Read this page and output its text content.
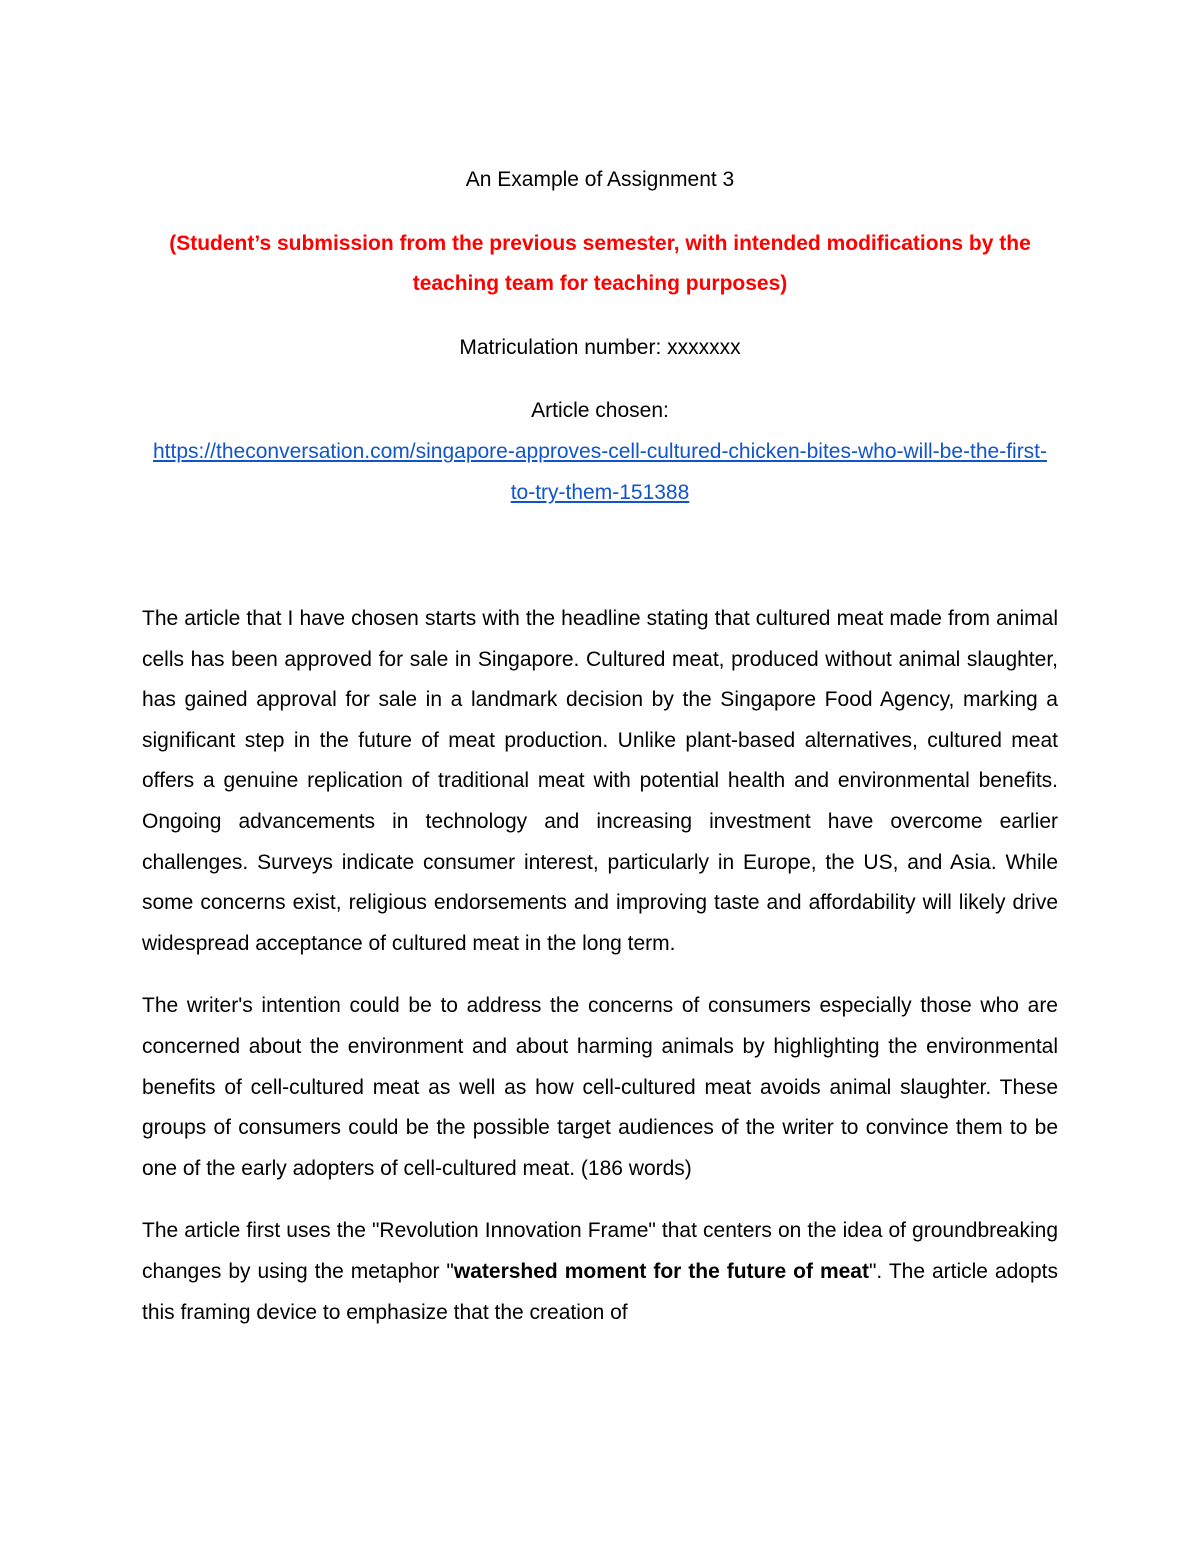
An Example of Assignment 3
(Student’s submission from the previous semester, with intended modifications by the teaching team for teaching purposes)
Matriculation number: xxxxxxx
Article chosen:
https://theconversation.com/singapore-approves-cell-cultured-chicken-bites-who-will-be-the-first-to-try-them-151388

The article that I have chosen starts with the headline stating that cultured meat made from animal cells has been approved for sale in Singapore. Cultured meat, produced without animal slaughter, has gained approval for sale in a landmark decision by the Singapore Food Agency, marking a significant step in the future of meat production. Unlike plant-based alternatives, cultured meat offers a genuine replication of traditional meat with potential health and environmental benefits. Ongoing advancements in technology and increasing investment have overcome earlier challenges. Surveys indicate consumer interest, particularly in Europe, the US, and Asia. While some concerns exist, religious endorsements and improving taste and affordability will likely drive widespread acceptance of cultured meat in the long term.

The writer's intention could be to address the concerns of consumers especially those who are concerned about the environment and about harming animals by highlighting the environmental benefits of cell-cultured meat as well as how cell-cultured meat avoids animal slaughter. These groups of consumers could be the possible target audiences of the writer to convince them to be one of the early adopters of cell-cultured meat. (186 words)

The article first uses the "Revolution Innovation Frame" that centers on the idea of groundbreaking changes by using the metaphor "watershed moment for the future of meat". The article adopts this framing device to emphasize that the creation of
